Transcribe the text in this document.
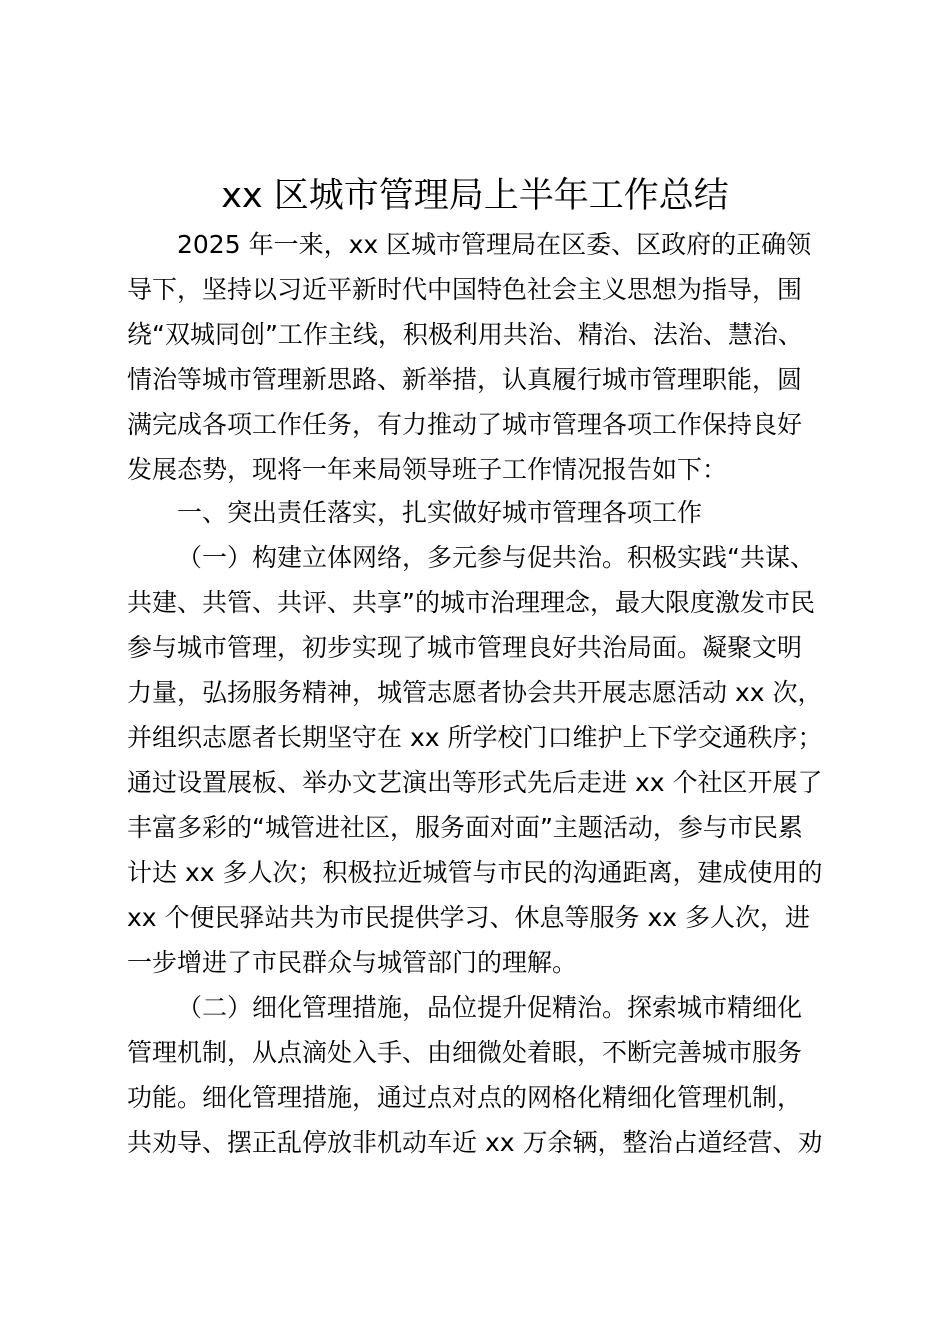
xx 区城市管理局上半年工作总结
2025 年一来，xx 区城市管理局在区委、区政府的正确领
导下，坚持以习近平新时代中国特色社会主义思想为指导，围
绕“双城同创”工作主线，积极利用共治、精治、法治、慧治、
情治等城市管理新思路、新举措，认真履行城市管理职能，圆
满完成各项工作任务，有力推动了城市管理各项工作保持良好
发展态势，现将一年来局领导班子工作情况报告如下：
一、突出责任落实，扎实做好城市管理各项工作
（一）构建立体网络，多元参与促共治。积极实践“共谋、
共建、共管、共评、共享”的城市治理理念，最大限度激发市民
参与城市管理，初步实现了城市管理良好共治局面。凝聚文明
力量，弘扬服务精神，城管志愿者协会共开展志愿活动 xx 次，
并组织志愿者长期坚守在 xx 所学校门口维护上下学交通秩序；
通过设置展板、举办文艺演出等形式先后走进 xx 个社区开展了
丰富多彩的“城管进社区，服务面对面”主题活动，参与市民累
计达 xx 多人次；积极拉近城管与市民的沟通距离，建成使用的
xx 个便民驿站共为市民提供学习、休息等服务 xx 多人次，进
一步增进了市民群众与城管部门的理解。
（二）细化管理措施，品位提升促精治。探索城市精细化
管理机制，从点滴处入手、由细微处着眼，不断完善城市服务
功能。细化管理措施，通过点对点的网格化精细化管理机制，
共劝导、摆正乱停放非机动车近 xx 万余辆，整治占道经营、劝
